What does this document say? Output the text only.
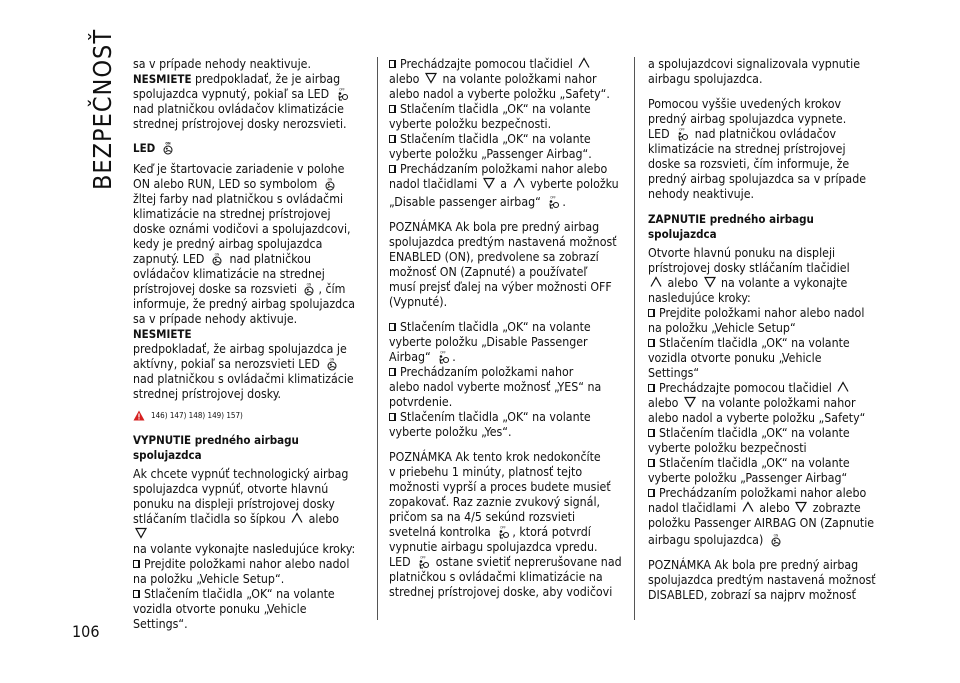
BEZPEČNOSŤ
106
sa v prípade nehody neaktivuje.
NESMIETE predpokladať, že je airbag
spolujazdca vypnutý, pokiaľ sa LED
nad platničkou ovládačov klimatizácie
strednej prístrojovej dosky nerozsvieti.
LED
Keď je štartovacie zariadenie v polohe
ON alebo RUN, LED so symbolom
žltej farby nad platničkou s ovládačmi
klimatizácie na strednej prístrojovej
doske oznámi vodičovi a spolujazdcovi,
kedy je predný airbag spolujazdca
zapnutý. LED nad platničkou
ovládačov klimatizácie na strednej
prístrojovej doske sa rozsvieti , čím
informuje, že predný airbag spolujazdca
sa v prípade nehody aktivuje. NESMIETE
predpokladať, že airbag spolujazdca je
aktívny, pokiaľ sa nerozsvieti LED
nad platničkou s ovládačmi klimatizácie
strednej prístrojovej dosky.
146) 147) 148) 149) 157)
VYPNUTIE predného airbagu spolujazdca
Ak chcete vypnúť technologický airbag
spolujazdca vypnúť, otvorte hlavnú
ponuku na displeji prístrojovej dosky
stláčaním tlačidla so šípkou alebo
na volante vykonajte nasledujúce kroky:
Prejdite položkami nahor alebo nadol
na položku „Vehicle Setup“.
Stlačením tlačidla „OK“ na volante
vozidla otvorte ponuku „Vehicle
Settings“.
Prechádzajte pomocou tlačidiel
alebo na volante položkami nahor
alebo nadol a vyberte položku „Safety“.
Stlačením tlačidla „OK“ na volante
vyberte položku bezpečnosti.
Stlačením tlačidla „OK“ na volante
vyberte položku „Passenger Airbag“.
Prechádzaním položkami nahor alebo
nadol tlačidlami a vyberte položku
„Disable passenger airbag“ .
POZNÁMKA Ak bola pre predný airbag
spolujazdca predtým nastavená možnosť
ENABLED (ON), predvolene sa zobrazí
možnosť ON (Zapnuté) a používateľ
musí prejsť ďalej na výber možnosti OFF
(Vypnuté).
Stlačením tlačidla „OK“ na volante
vyberte položku „Disable Passenger
Airbag“ .
Prechádzaním položkami nahor
alebo nadol vyberte možnosť „YES“ na
potvrdenie.
Stlačením tlačidla „OK“ na volante
vyberte položku „Yes“.
POZNÁMKA Ak tento krok nedokončíte
v priebehu 1 minúty, platnosť tejto
možnosti vyprší a proces budete musieť
zopakovať. Raz zaznie zvukový signál,
pričom sa na 4/5 sekúnd rozsvieti
svetelná kontrolka , ktorá potvrdí
vypnutie airbagu spolujazdca vpredu.
LED ostane svietiť neprerušovane nad
platničkou s ovládačmi klimatizácie na
strednej prístrojovej doske, aby vodičovi
a spolujazdcovi signalizovala vypnutie
airbagu spolujazdca.
Pomocou vyššie uvedených krokov
predný airbag spolujazdca vypnete.
LED nad platničkou ovládačov
klimatizácie na strednej prístrojovej
doske sa rozsvieti, čím informuje, že
predný airbag spolujazdca sa v prípade
nehody neaktivuje.
ZAPNUTIE predného airbagu spolujazdca
Otvorte hlavnú ponuku na displeji
prístrojovej dosky stláčaním tlačidiel
alebo na volante a vykonajte
nasledujúce kroky:
Prejdite položkami nahor alebo nadol
na položku „Vehicle Setup“
Stlačením tlačidla „OK“ na volante
vozidla otvorte ponuku „Vehicle
Settings“
Prechádzajte pomocou tlačidiel
alebo na volante položkami nahor
alebo nadol a vyberte položku „Safety“
Stlačením tlačidla „OK“ na volante
vyberte položku bezpečnosti
Stlačením tlačidla „OK“ na volante
vyberte položku „Passenger Airbag“
Prechádzaním položkami nahor alebo
nadol tlačidlami alebo zobrazte
položku Passenger AIRBAG ON (Zapnutie
airbagu spolujazdca)
POZNÁMKA Ak bola pre predný airbag
spolujazdca predtým nastavená možnosť
DISABLED, zobrazí sa najprv možnosť
